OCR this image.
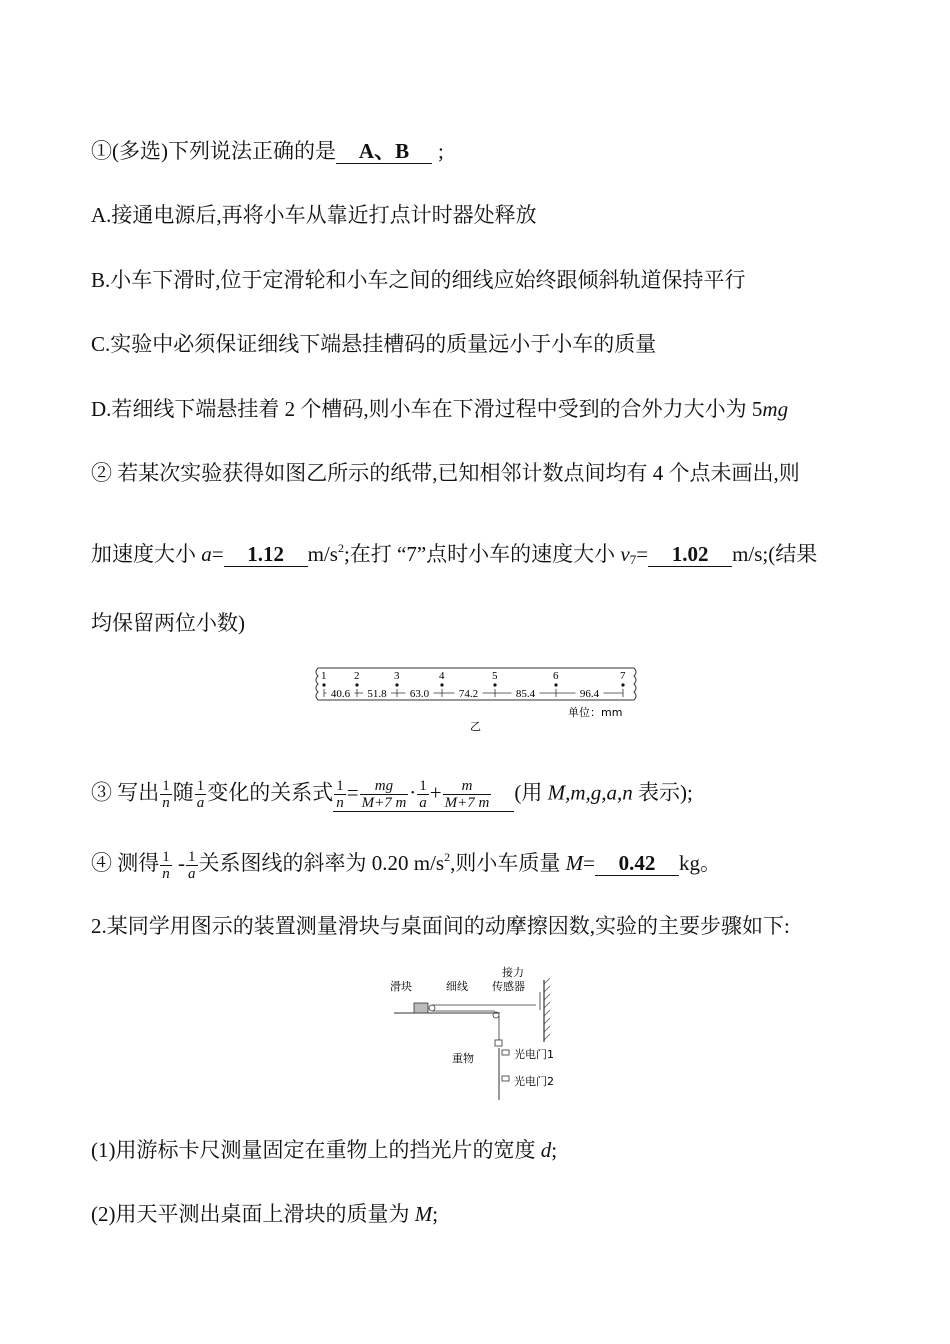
①(多选)下列说法正确的是 A、B ;
A.接通电源后,再将小车从靠近打点计时器处释放
B.小车下滑时,位于定滑轮和小车之间的细线应始终跟倾斜轨道保持平行
C.实验中必须保证细线下端悬挂槽码的质量远小于小车的质量
D.若细线下端悬挂着 2 个槽码,则小车在下滑过程中受到的合外力大小为 5mg
② 若某次实验获得如图乙所示的纸带,已知相邻计数点间均有 4 个点未画出,则
加速度大小 a= 1.12 $m/s^2$;在打 “7”点时小车的速度大小 $v_7= 1.02$ m/s;(结果
均保留两位小数)
1	2	3	4	5	6	7
40.6 51.8 63.0	74.2	85.4	96.4
单位：mm
乙
③ 写出 $\frac{1}{n}$ 随 $\frac{1}{a}$ 变化的关系式 $\frac{1}{n} = \frac{mg}{M+7 m} \cdot \frac{1}{a} + \frac{m}{M+7 m}$ (用 M,m,g,a,n 表示);
④ 测得 $\frac{1}{n} - \frac{1}{a}$ 关系图线的斜率为 0.20 $m/s^2$,则小车质量 M= 0.42 kg。
2.某同学用图示的装置测量滑块与桌面间的动摩擦因数,实验的主要步骤如下:
滑块	细线
接力
传感器
重物	光电门1
光电门2
(1)用游标卡尺测量固定在重物上的挡光片的宽度 d;
(2)用天平测出桌面上滑块的质量为 M;
